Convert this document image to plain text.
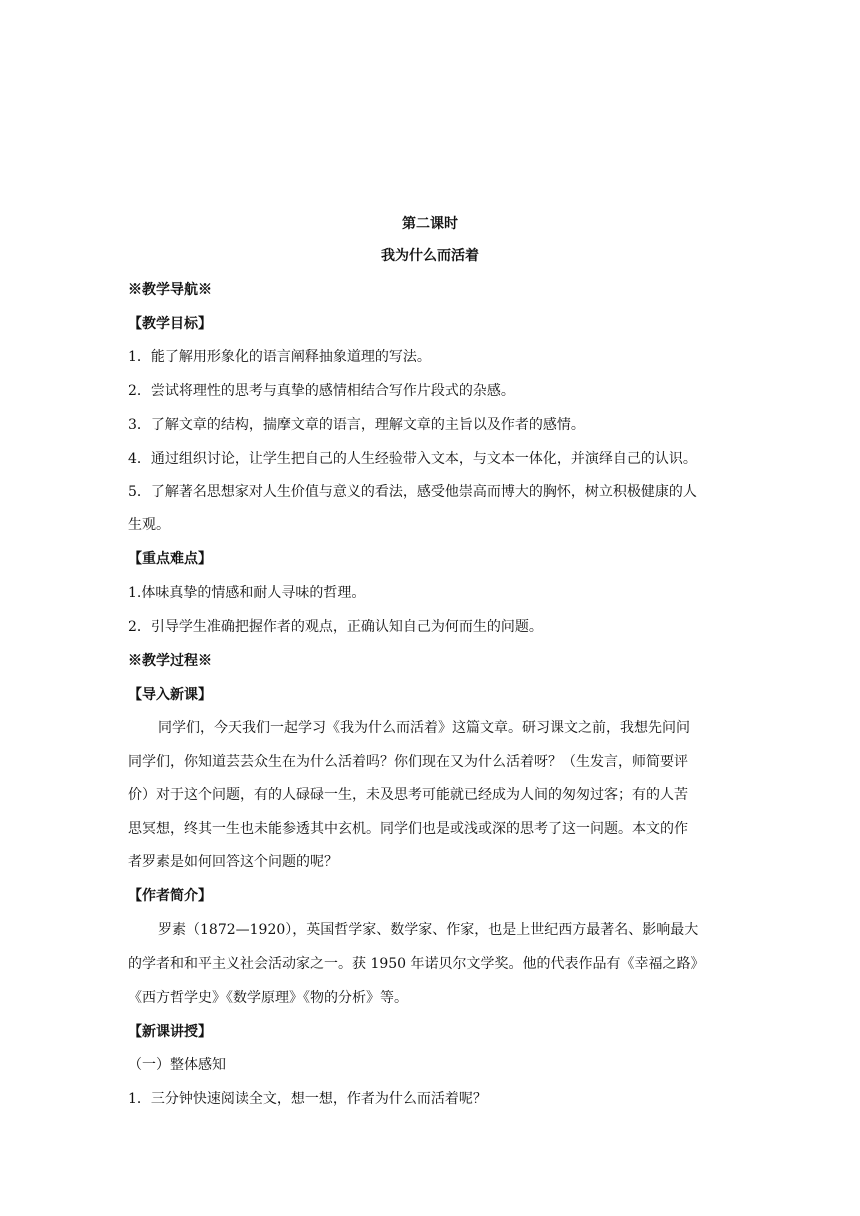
第二课时
我为什么而活着
※教学导航※
【教学目标】
1．能了解用形象化的语言阐释抽象道理的写法。
2．尝试将理性的思考与真挚的感情相结合写作片段式的杂感。
3．了解文章的结构，揣摩文章的语言，理解文章的主旨以及作者的感情。
4．通过组织讨论，让学生把自己的人生经验带入文本，与文本一体化，并演绎自己的认识。
5．了解著名思想家对人生价值与意义的看法，感受他崇高而博大的胸怀，树立积极健康的人
生观。
【重点难点】
1.体味真挚的情感和耐人寻味的哲理。
2．引导学生准确把握作者的观点，正确认知自己为何而生的问题。
※教学过程※
【导入新课】
同学们，今天我们一起学习《我为什么而活着》这篇文章。研习课文之前，我想先问问
同学们，你知道芸芸众生在为什么活着吗？你们现在又为什么活着呀？（生发言，师简要评
价）对于这个问题，有的人碌碌一生，未及思考可能就已经成为人间的匆匆过客；有的人苦
思冥想，终其一生也未能参透其中玄机。同学们也是或浅或深的思考了这一问题。本文的作
者罗素是如何回答这个问题的呢？
【作者简介】
罗素（1872—1920），英国哲学家、数学家、作家，也是上世纪西方最著名、影响最大
的学者和和平主义社会活动家之一。获 1950 年诺贝尔文学奖。他的代表作品有《幸福之路》
《西方哲学史》《数学原理》《物的分析》等。
【新课讲授】
（一）整体感知
1．三分钟快速阅读全文，想一想，作者为什么而活着呢？
